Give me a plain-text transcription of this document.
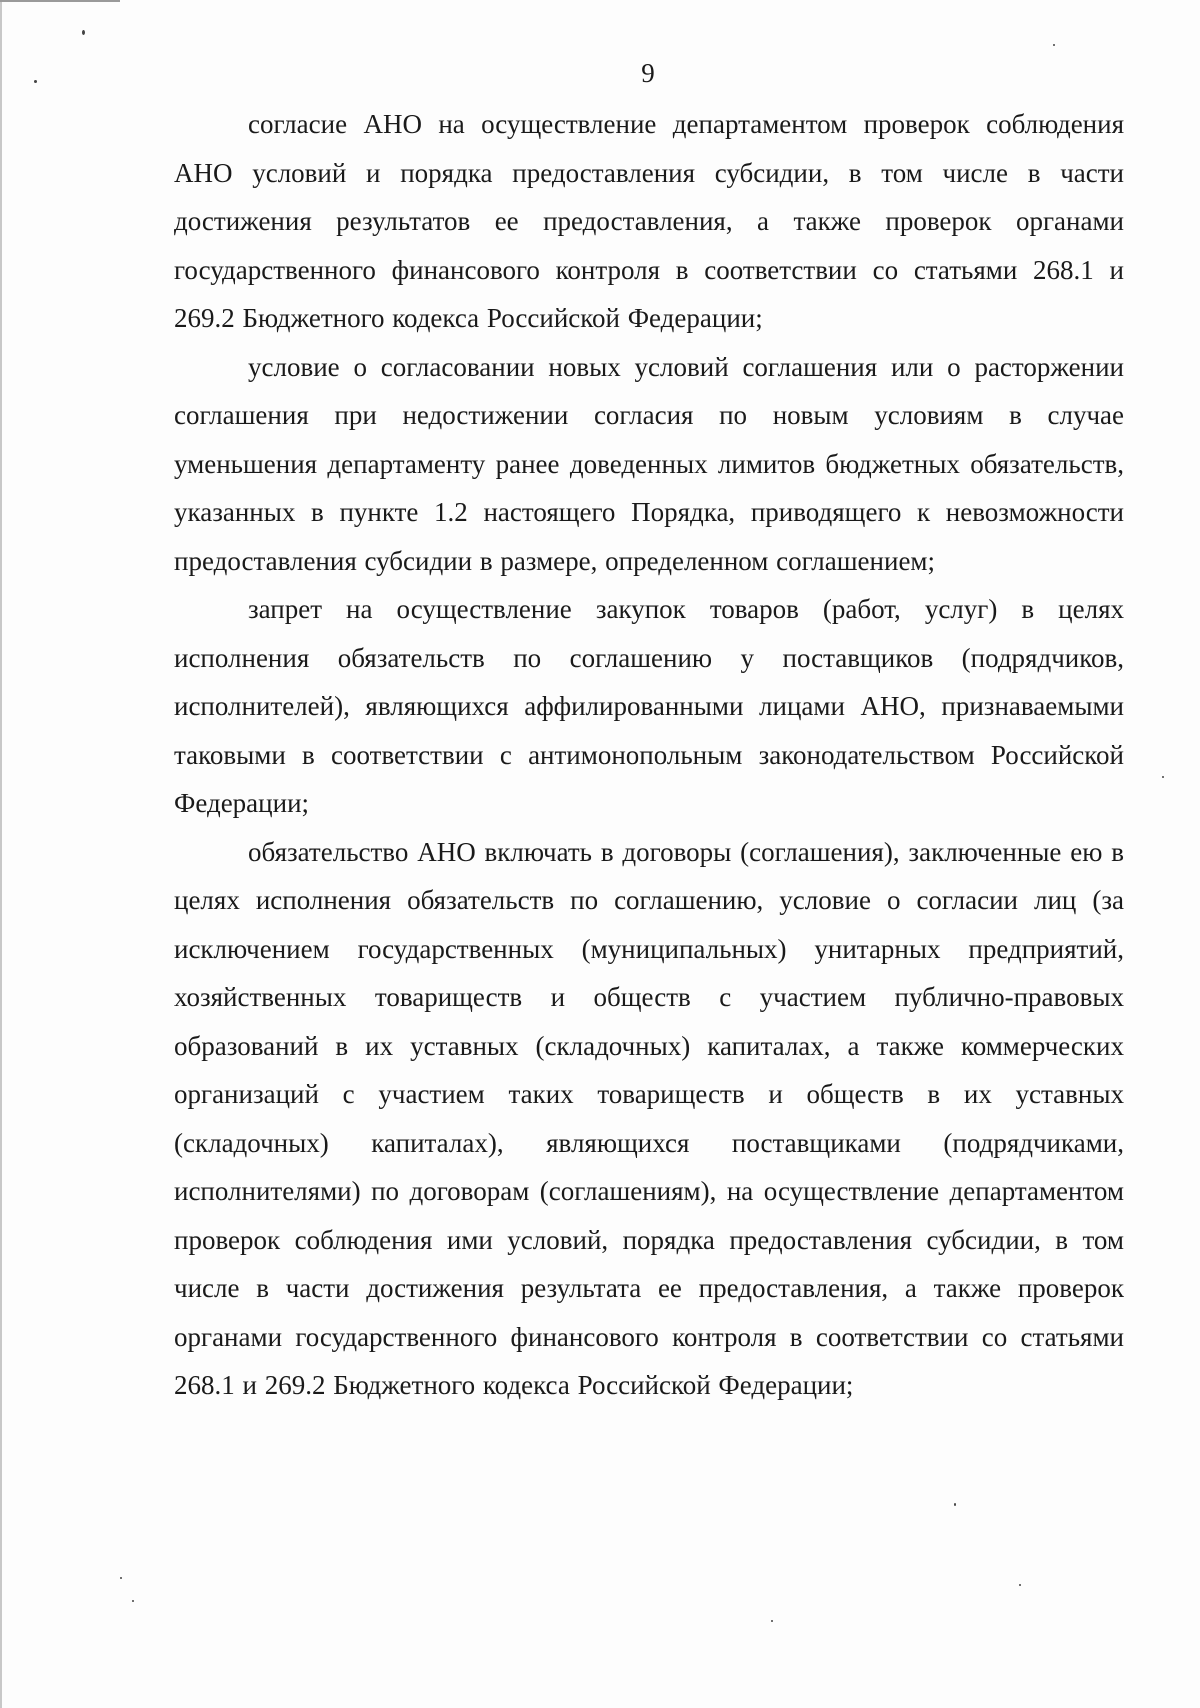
9

согласие АНО на осуществление департаментом проверок соблюдения АНО условий и порядка предоставления субсидии, в том числе в части достижения результатов ее предоставления, а также проверок органами государственного финансового контроля в соответствии со статьями 268.1 и 269.2 Бюджетного кодекса Российской Федерации;

условие о согласовании новых условий соглашения или о расторжении соглашения при недостижении согласия по новым условиям в случае уменьшения департаменту ранее доведенных лимитов бюджетных обязательств, указанных в пункте 1.2 настоящего Порядка, приводящего к невозможности предоставления субсидии в размере, определенном соглашением;

запрет на осуществление закупок товаров (работ, услуг) в целях исполнения обязательств по соглашению у поставщиков (подрядчиков, исполнителей), являющихся аффилированными лицами АНО, признаваемыми таковыми в соответствии с антимонопольным законодательством Российской Федерации;

обязательство АНО включать в договоры (соглашения), заключенные ею в целях исполнения обязательств по соглашению, условие о согласии лиц (за исключением государственных (муниципальных) унитарных предприятий, хозяйственных товариществ и обществ с участием публично-правовых образований в их уставных (складочных) капиталах, а также коммерческих организаций с участием таких товариществ и обществ в их уставных (складочных) капиталах), являющихся поставщиками (подрядчиками, исполнителями) по договорам (соглашениям), на осуществление департаментом проверок соблюдения ими условий, порядка предоставления субсидии, в том числе в части достижения результата ее предоставления, а также проверок органами государственного финансового контроля в соответствии со статьями 268.1 и 269.2 Бюджетного кодекса Российской Федерации;
